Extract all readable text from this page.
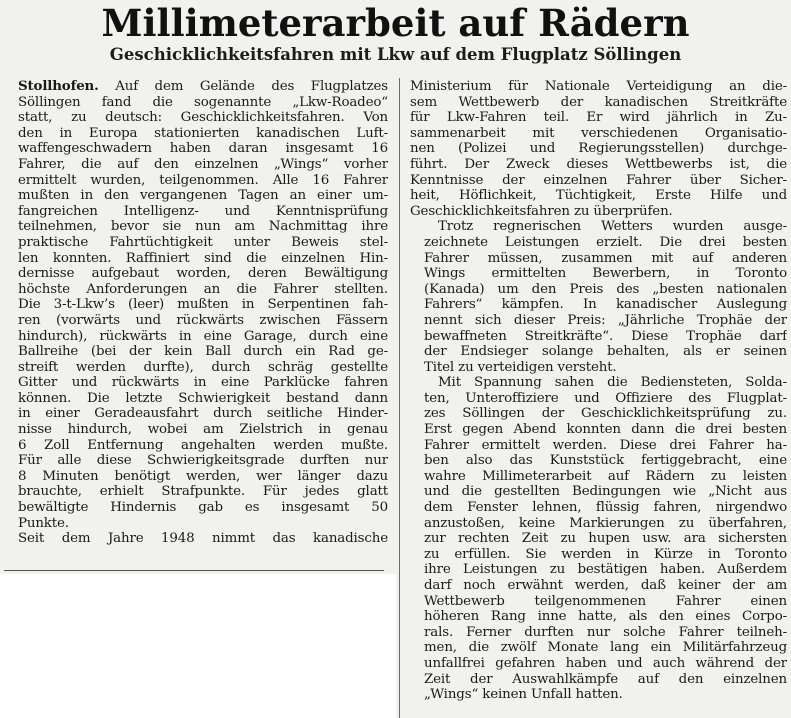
Millimeterarbeit auf Rädern
Geschicklichkeitsfahren mit Lkw auf dem Flugplatz Söllingen
Stollhofen. Auf dem Gelände des Flugplatzes
Söllingen fand die sogenannte „Lkw-Roadeo“
statt, zu deutsch: Geschicklichkeitsfahren. Von
den in Europa stationierten kanadischen Luft-
waffengeschwadern haben daran insgesamt 16
Fahrer, die auf den einzelnen „Wings“ vorher
ermittelt wurden, teilgenommen. Alle 16 Fahrer
mußten in den vergangenen Tagen an einer um-
fangreichen Intelligenz- und Kenntnisprüfung
teilnehmen, bevor sie nun am Nachmittag ihre
praktische Fahrtüchtigkeit unter Beweis stel-
len konnten. Raffiniert sind die einzelnen Hin-
dernisse aufgebaut worden, deren Bewältigung
höchste Anforderungen an die Fahrer stellten.
Die 3-t-Lkw’s (leer) mußten in Serpentinen fah-
ren (vorwärts und rückwärts zwischen Fässern
hindurch), rückwärts in eine Garage, durch eine
Ballreihe (bei der kein Ball durch ein Rad ge-
streift werden durfte), durch schräg gestellte
Gitter und rückwärts in eine Parklücke fahren
können. Die letzte Schwierigkeit bestand dann
in einer Geradeausfahrt durch seitliche Hinder-
nisse hindurch, wobei am Zielstrich in genau
6 Zoll Entfernung angehalten werden mußte.
Für alle diese Schwierigkeitsgrade durften nur
8 Minuten benötigt werden, wer länger dazu
brauchte, erhielt Strafpunkte. Für jedes glatt
bewältigte Hindernis gab es insgesamt 50
Punkte.
Seit dem Jahre 1948 nimmt das kanadische
Ministerium für Nationale Verteidigung an die-
sem Wettbewerb der kanadischen Streitkräfte
für Lkw-Fahren teil. Er wird jährlich in Zu-
sammenarbeit mit verschiedenen Organisatio-
nen (Polizei und Regierungsstellen) durchge-
führt. Der Zweck dieses Wettbewerbs ist, die
Kenntnisse der einzelnen Fahrer über Sicher-
heit, Höflichkeit, Tüchtigkeit, Erste Hilfe und
Geschicklichkeitsfahren zu überprüfen.
Trotz regnerischen Wetters wurden ausge-
zeichnete Leistungen erzielt. Die drei besten
Fahrer müssen, zusammen mit auf anderen
Wings ermittelten Bewerbern, in Toronto
(Kanada) um den Preis des „besten nationalen
Fahrers“ kämpfen. In kanadischer Auslegung
nennt sich dieser Preis: „Jährliche Trophäe der
bewaffneten Streitkräfte“. Diese Trophäe darf
der Endsieger solange behalten, als er seinen
Titel zu verteidigen versteht.
Mit Spannung sahen die Bediensteten, Solda-
ten, Unteroffiziere und Offiziere des Flugplat-
zes Söllingen der Geschicklichkeitsprüfung zu.
Erst gegen Abend konnten dann die drei besten
Fahrer ermittelt werden. Diese drei Fahrer ha-
ben also das Kunststück fertiggebracht, eine
wahre Millimeterarbeit auf Rädern zu leisten
und die gestellten Bedingungen wie „Nicht aus
dem Fenster lehnen, flüssig fahren, nirgendwo
anzustoßen, keine Markierungen zu überfahren,
zur rechten Zeit zu hupen usw. ara sichersten
zu erfüllen. Sie werden in Kürze in Toronto
ihre Leistungen zu bestätigen haben. Außerdem
darf noch erwähnt werden, daß keiner der am
Wettbewerb teilgenommenen Fahrer einen
höheren Rang inne hatte, als den eines Corpo-
rals. Ferner durften nur solche Fahrer teilneh-
men, die zwölf Monate lang ein Militärfahrzeug
unfallfrei gefahren haben und auch während der
Zeit der Auswahlkämpfe auf den einzelnen
„Wings“ keinen Unfall hatten.
